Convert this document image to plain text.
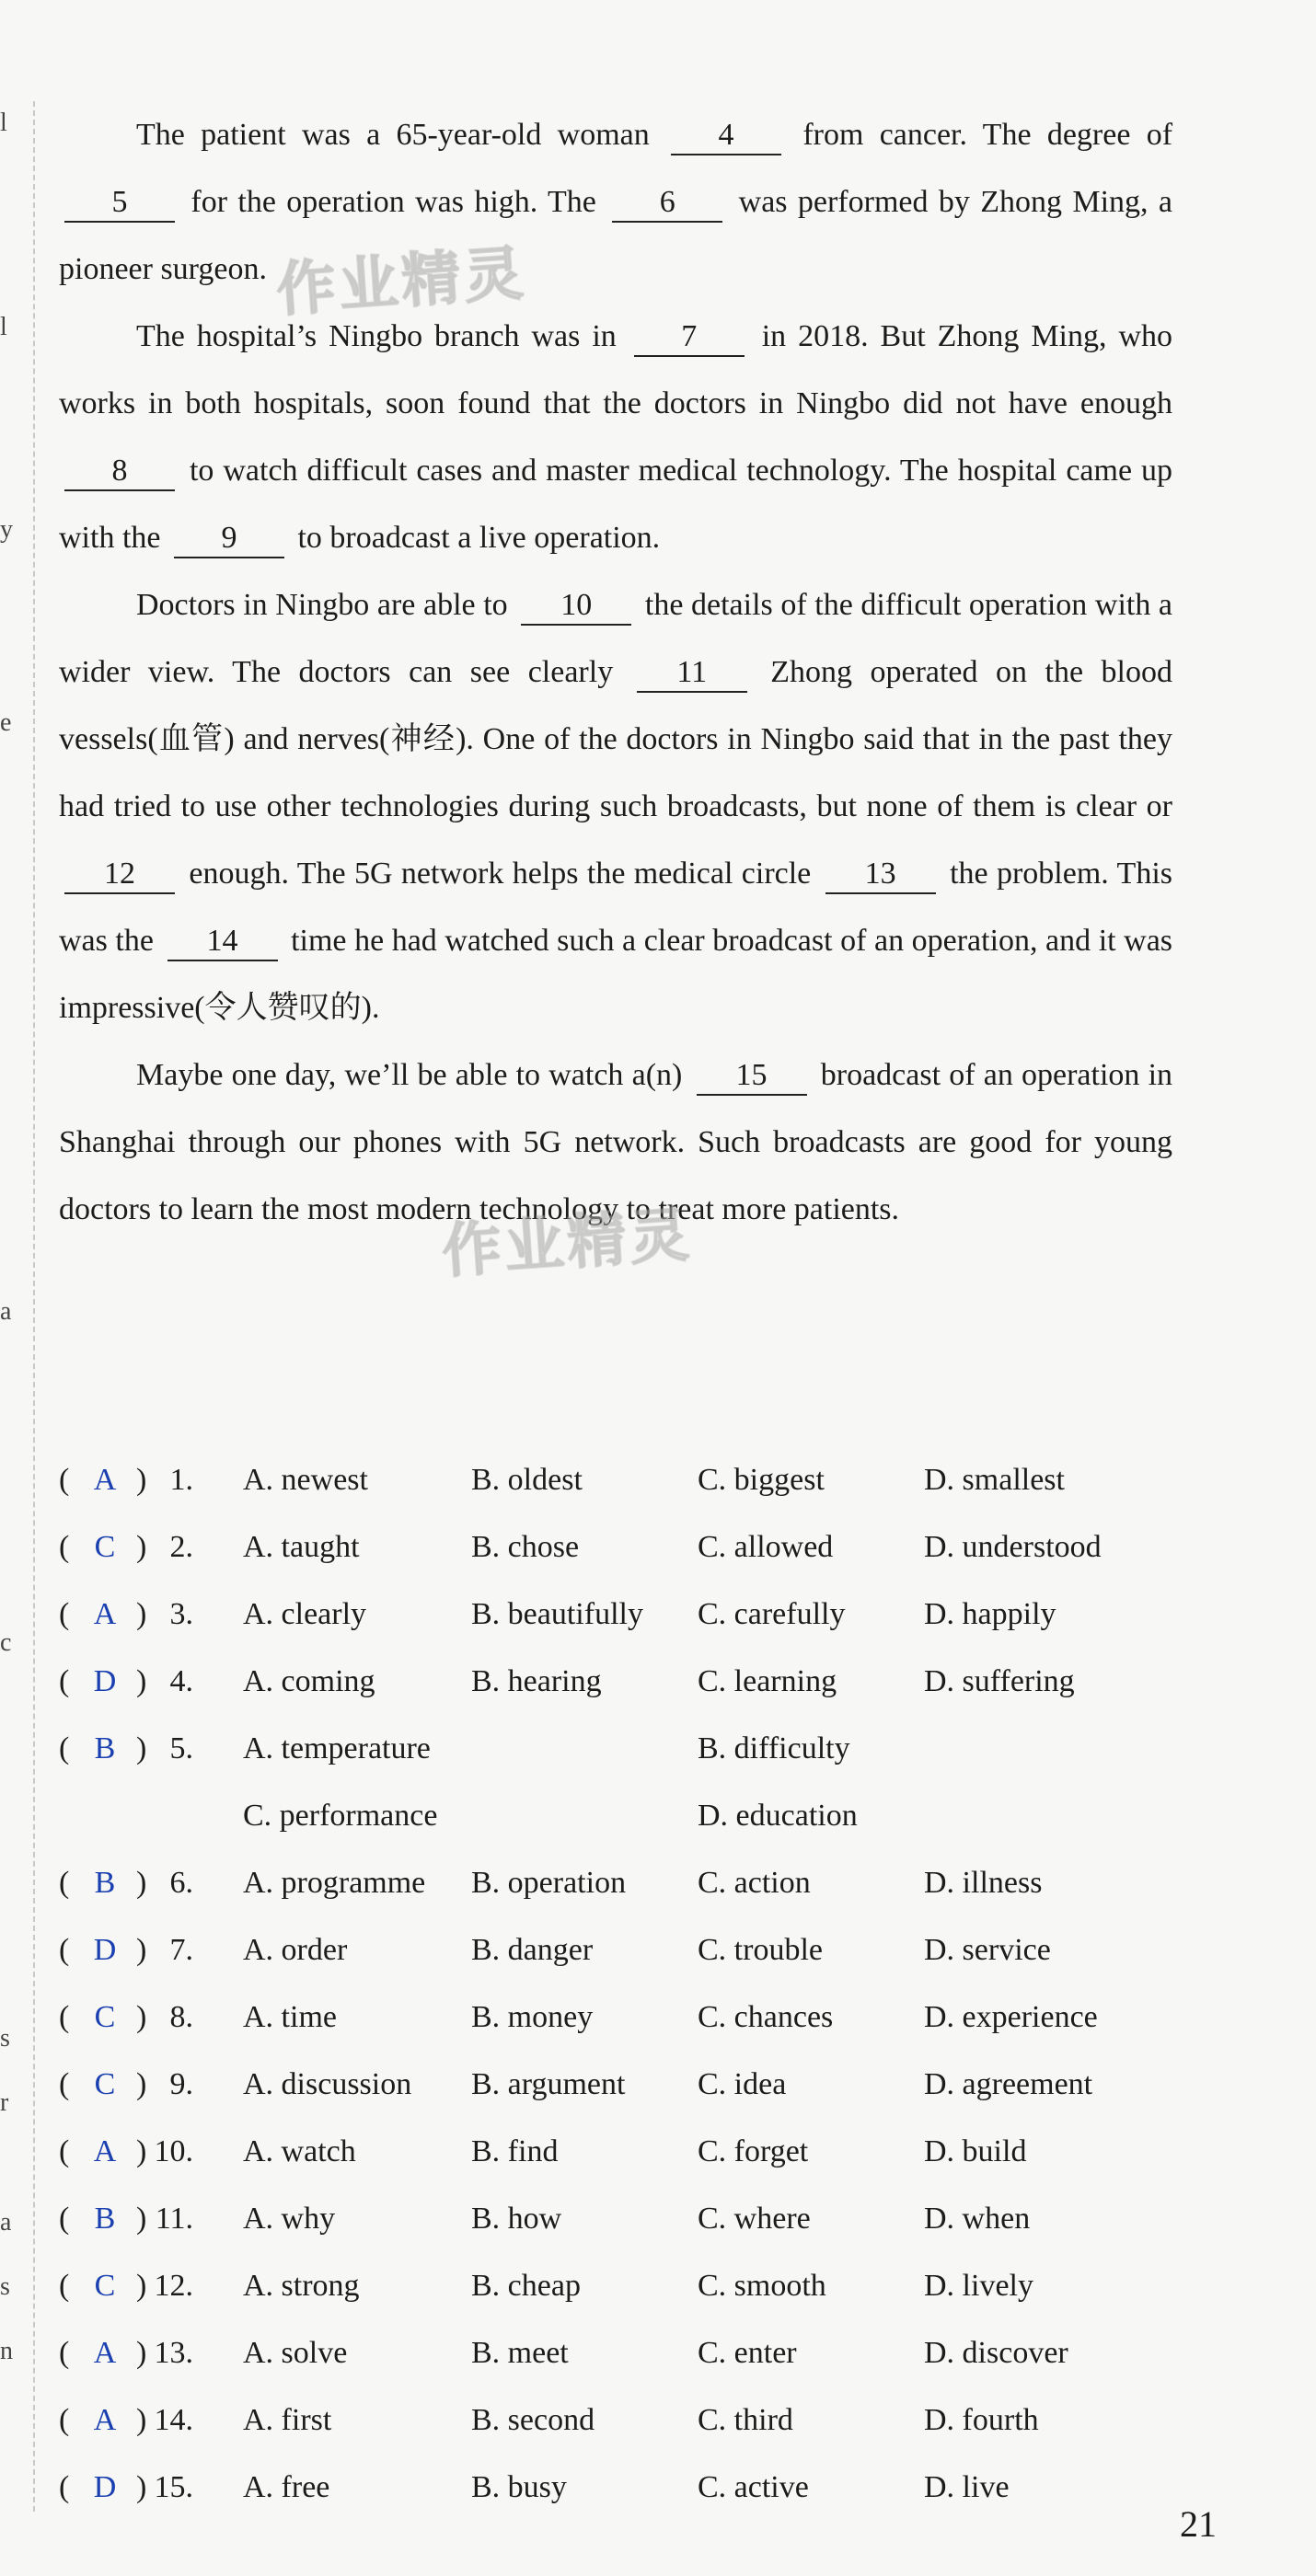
l
l
y
e
a
c
s
r
a
s
n

The patient was a 65-year-old woman 4 from cancer. The degree of 5 for the operation was high. The 6 was performed by Zhong Ming, a pioneer surgeon.

The hospital’s Ningbo branch was in 7 in 2018. But Zhong Ming, who works in both hospitals, soon found that the doctors in Ningbo did not have enough 8 to watch difficult cases and master medical technology. The hospital came up with the 9 to broadcast a live operation.

Doctors in Ningbo are able to 10 the details of the difficult operation with a wider view. The doctors can see clearly 11 Zhong operated on the blood vessels(血管) and nerves(神经). One of the doctors in Ningbo said that in the past they had tried to use other technologies during such broadcasts, but none of them is clear or 12 enough. The 5G network helps the medical circle 13 the problem. This was the 14 time he had watched such a clear broadcast of an operation, and it was impressive(令人赞叹的).

Maybe one day, we’ll be able to watch a(n) 15 broadcast of an operation in Shanghai through our phones with 5G network. Such broadcasts are good for young doctors to learn the most modern technology to treat more patients.

作业精灵
作业精灵
( A ) 1. A. newest	B. oldest	C. biggest	D. smallest
( C ) 2. A. taught	B. chose	C. allowed	D. understood
( A ) 3. A. clearly	B. beautifully C. carefully	D. happily
( D ) 4. A. coming	B. hearing	C. learning	D. suffering
( B ) 5. A. temperature	B. difficulty
C. performance	D. education
( B ) 6. A. programme B. operation C. action	D. illness
( D ) 7. A. order	B. danger	C. trouble	D. service
( C ) 8. A. time	B. money	C. chances	D. experience
( C ) 9. A. discussion B. argument C. idea	D. agreement
( A ) 10. A. watch	B. find	C. forget	D. build
( B ) 11. A. why	B. how	C. where	D. when
( C ) 12. A. strong	B. cheap	C. smooth	D. lively
( A ) 13. A. solve	B. meet	C. enter	D. discover
( A ) 14. A. first	B. second	C. third	D. fourth
( D ) 15. A. free	B. busy	C. active	D. live
21
